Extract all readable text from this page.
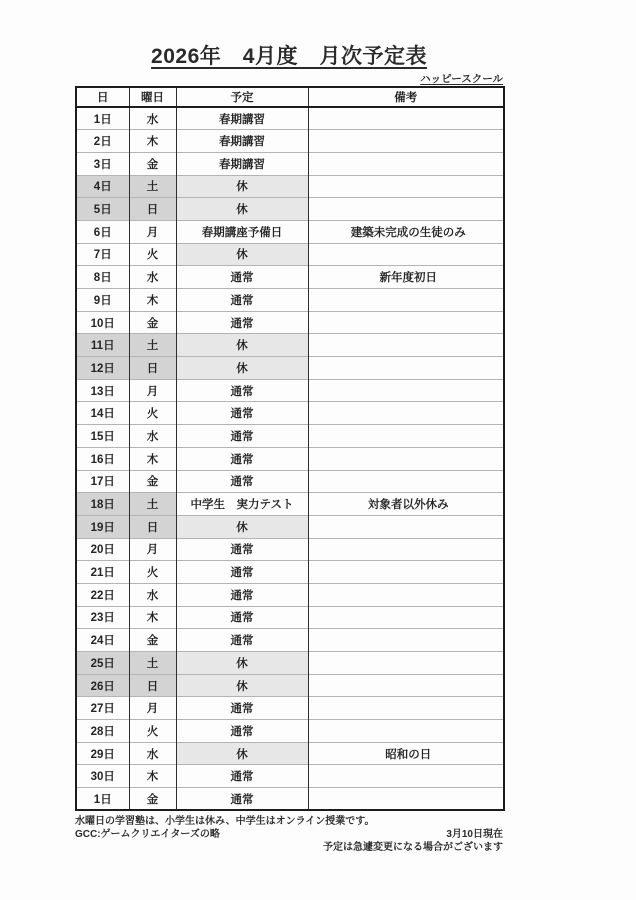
2026年　4月度　月次予定表
ハッピースクール
日	曜日	予定	備考
1日	水	春期講習	
2日	木	春期講習	
3日	金	春期講習	
4日	土	休	
5日	日	休	
6日	月	春期講座予備日	建築未完成の生徒のみ
7日	火	休	
8日	水	通常	新年度初日
9日	木	通常	
10日	金	通常	
11日	土	休	
12日	日	休	
13日	月	通常	
14日	火	通常	
15日	水	通常	
16日	木	通常	
17日	金	通常	
18日	土	中学生　実力テスト	対象者以外休み
19日	日	休	
20日	月	通常	
21日	火	通常	
22日	水	通常	
23日	木	通常	
24日	金	通常	
25日	土	休	
26日	日	休	
27日	月	通常	
28日	火	通常	
29日	水	休	昭和の日
30日	木	通常	
1日	金	通常	
水曜日の学習塾は、小学生は休み、中学生はオンライン授業です。
GCC:ゲームクリエイターズの略	3月10日現在
予定は急遽変更になる場合がございます
